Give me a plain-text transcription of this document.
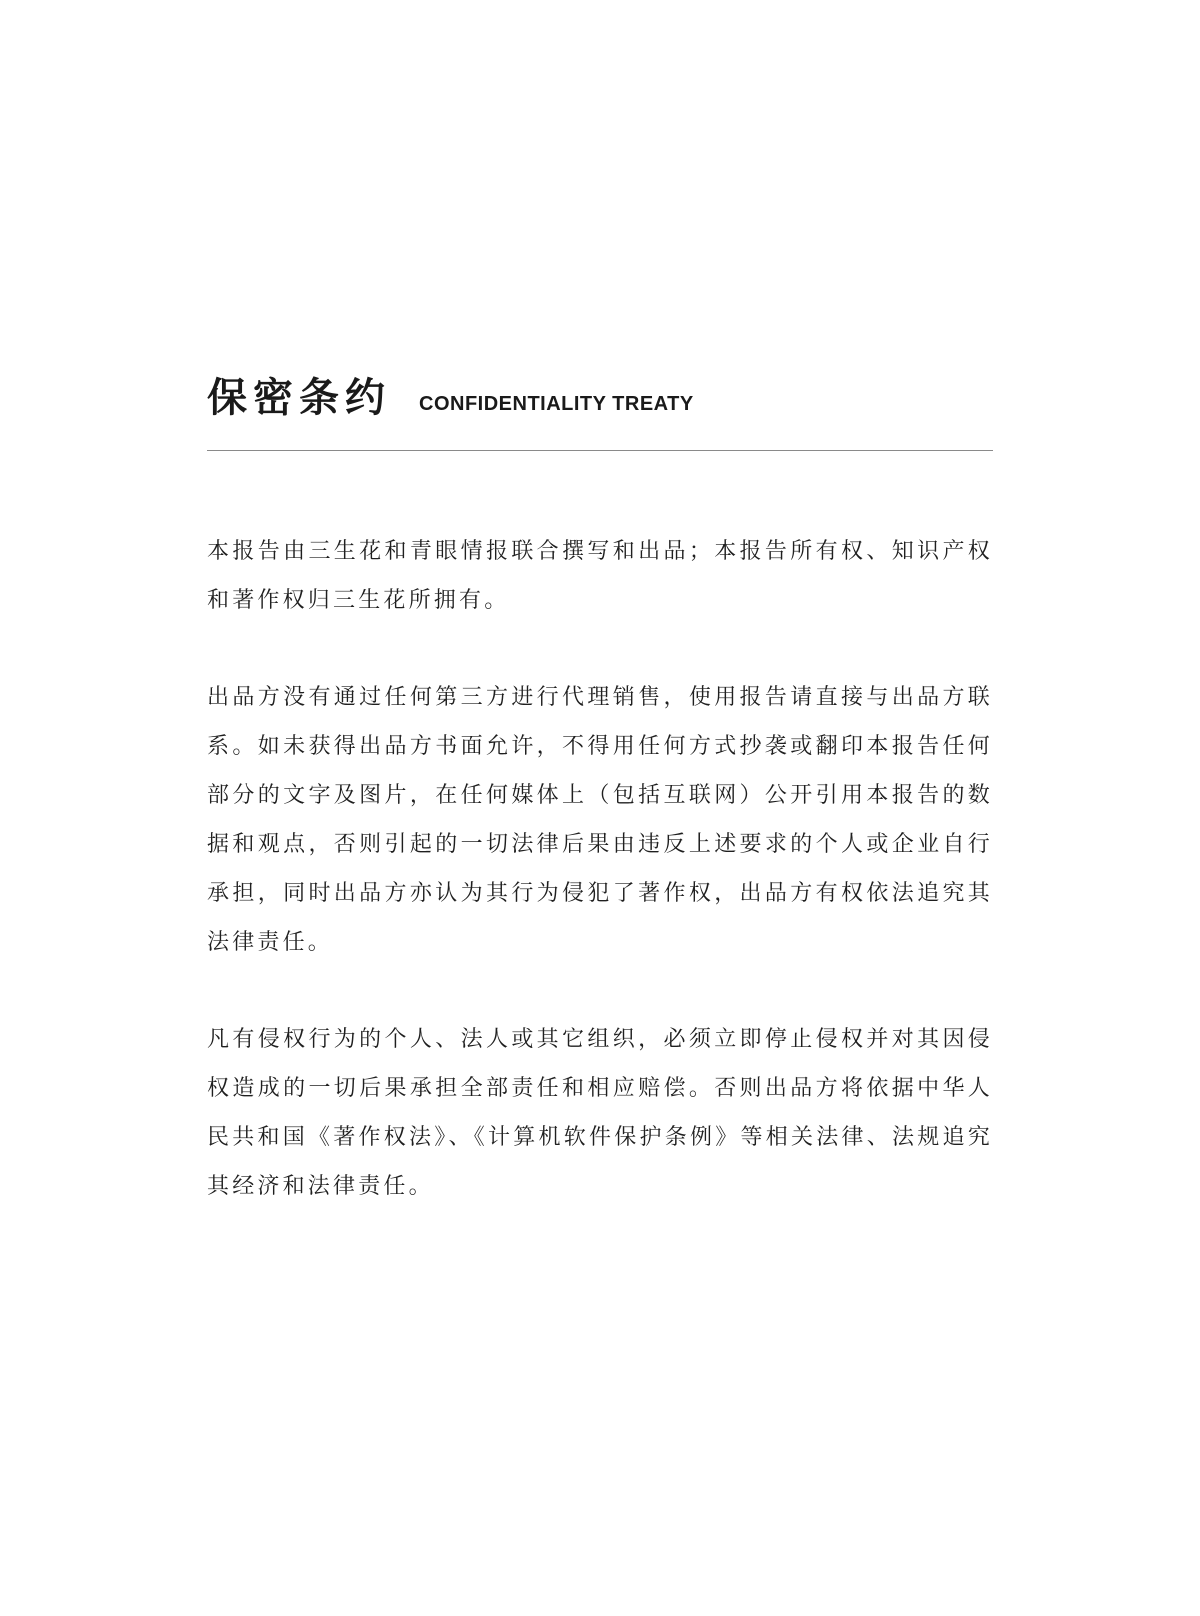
保密条约 CONFIDENTIALITY TREATY

本报告由三生花和青眼情报联合撰写和出品；本报告所有权、知识产权和著作权归三生花所拥有。

出品方没有通过任何第三方进行代理销售，使用报告请直接与出品方联系。如未获得出品方书面允许，不得用任何方式抄袭或翻印本报告任何部分的文字及图片，在任何媒体上（包括互联网）公开引用本报告的数据和观点，否则引起的一切法律后果由违反上述要求的个人或企业自行承担，同时出品方亦认为其行为侵犯了著作权，出品方有权依法追究其法律责任。

凡有侵权行为的个人、法人或其它组织，必须立即停止侵权并对其因侵权造成的一切后果承担全部责任和相应赔偿。否则出品方将依据中华人民共和国《著作权法》、《计算机软件保护条例》等相关法律、法规追究其经济和法律责任。
